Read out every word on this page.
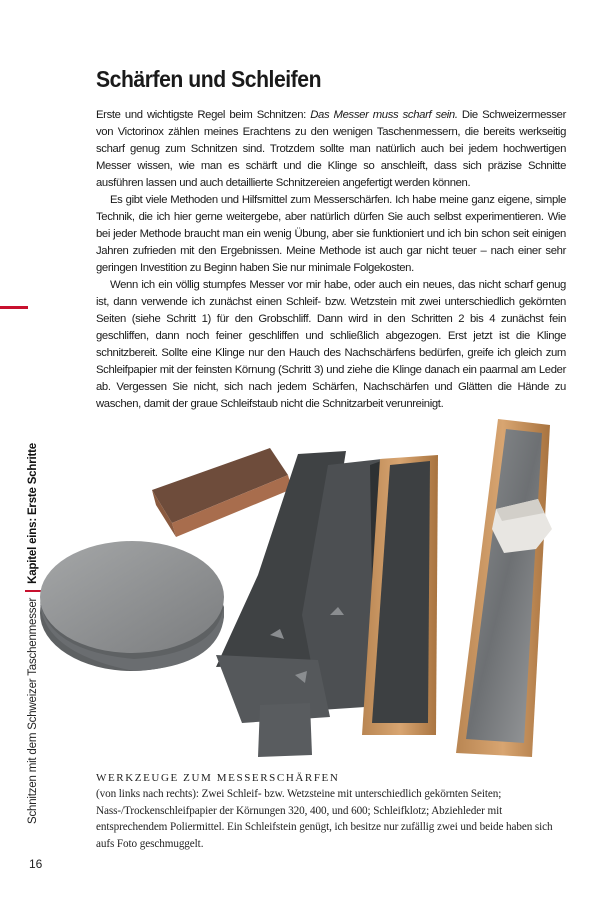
Schnitzen mit dem Schweizer Taschenmesser
Kapitel eins: Erste Schritte
Schärfen und Schleifen

Erste und wichtigste Regel beim Schnitzen: Das Messer muss scharf sein. Die Schweizermesser von Victorinox zählen meines Erachtens zu den wenigen Taschenmessern, die bereits werkseitig scharf genug zum Schnitzen sind. Trotzdem sollte man natürlich auch bei jedem hochwertigen Messer wissen, wie man es schärft und die Klinge so anschleift, dass sich präzise Schnitte ausführen lassen und auch detaillierte Schnitzereien angefertigt werden können.

Es gibt viele Methoden und Hilfsmittel zum Messerschärfen. Ich habe meine ganz eigene, simple Technik, die ich hier gerne weitergebe, aber natürlich dürfen Sie auch selbst experimentieren. Wie bei jeder Methode braucht man ein wenig Übung, aber sie funktioniert und ich bin schon seit einigen Jahren zufrieden mit den Ergebnissen. Meine Methode ist auch gar nicht teuer – nach einer sehr geringen Investition zu Beginn haben Sie nur minimale Folgekosten.

Wenn ich ein völlig stumpfes Messer vor mir habe, oder auch ein neues, das nicht scharf genug ist, dann verwende ich zunächst einen Schleif- bzw. Wetzstein mit zwei unterschiedlich gekörnten Seiten (siehe Schritt 1) für den Grobschliff. Dann wird in den Schritten 2 bis 4 zunächst fein geschliffen, dann noch feiner geschliffen und schließlich abgezogen. Erst jetzt ist die Klinge schnitzbereit. Sollte eine Klinge nur den Hauch des Nachschärfens bedürfen, greife ich gleich zum Schleifpapier mit der feinsten Körnung (Schritt 3) und ziehe die Klinge danach ein paarmal am Leder ab. Vergessen Sie nicht, sich nach jedem Schärfen, Nachschärfen und Glätten die Hände zu waschen, damit der graue Schleifstaub nicht die Schnitzarbeit verunreinigt.

WERKZEUGE ZUM MESSERSCHÄRFEN
(von links nach rechts): Zwei Schleif- bzw. Wetzsteine mit unterschiedlich gekörnten Seiten; Nass-/Trockenschleifpapier der Körnungen 320, 400, und 600; Schleifklotz; Abziehleder mit entsprechendem Poliermittel. Ein Schleifstein genügt, ich besitze nur zufällig zwei und beide haben sich aufs Foto geschmuggelt.
16
